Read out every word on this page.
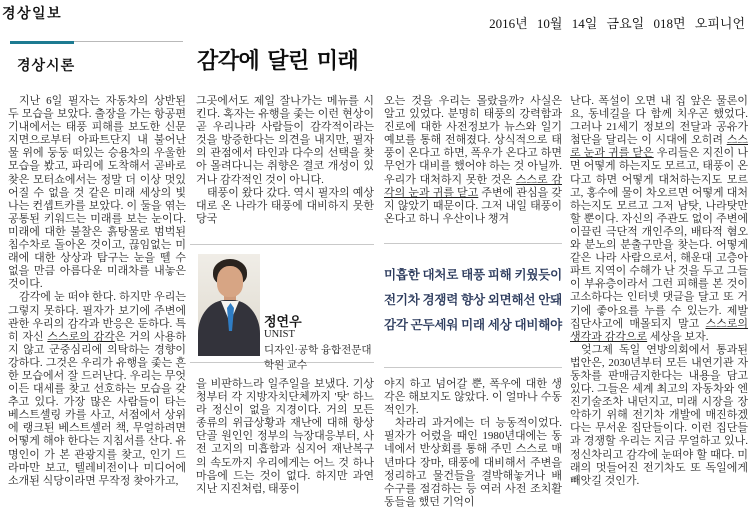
경상일보
2016년 10월 14일 금요일 018면 오피니언
경상시론	감각에 달린 미래

지난 6일 필자는 자동차의 상반된 두 모습을 보았다. 출장을 가는 항공편 기내에서는 태풍 피해를 보도한 신문지면으로부터 아파트단지 내 불어난 물 위에 둥둥 떠있는 승용차의 우울한 모습을 봤고, 파리에 도착해서 곧바로 찾은 모터쇼에서는 정말 더 이상 멋있어질 수 없을 것 같은 미래 세상의 빛나는 컨셉트카를 보았다. 이 둘을 엮는 공통된 키워드는 미래를 보는 눈이다. 미래에 대한 불찰은 흙탕물로 범벅된 침수차로 돌아온 것이고, 끊임없는 미래에 대한 상상과 탐구는 눈을 뗄 수 없을 만큼 아름다운 미래차를 내놓은 것이다.

감각에 눈 떠야 한다. 하지만 우리는 그렇지 못하다. 필자가 보기에 주변에 관한 우리의 감각과 반응은 둔하다. 특히 자신 스스로의 감각은 거의 사용하지 않고 군중심리에 의탁하는 경향이 강하다. 그것은 우리가 유행을 좇는 흔한 모습에서 잘 드러난다. 우리는 무엇이든 대세를 찾고 선호하는 모습을 갖추고 있다. 가장 많은 사람들이 타는 베스트셀링 카를 사고, 서점에서 상위에 랭크된 베스트셀러 책, 무얼하려면 어떻게 해야 한다는 지침서를 산다. 유명인이 가 본 관광지를 찾고, 인기 드라마만 보고, 텔레비전이나 미디어에 소개된 식당이라면 무작정 찾아가고,

그곳에서도 제일 잘나가는 메뉴를 시킨다. 혹자는 유행을 좇는 이런 현상이 곧 우리나라 사람들이 감각적이라는 것을 방증한다는 의견을 내지만, 필자의 관점에서 타인과 다수의 선택을 찾아 몰려다니는 취향은 결코 개성이 있거나 감각적인 것이 아니다.

태풍이 왔다 갔다. 역시 필자의 예상대로 온 나라가 태풍에 대비하지 못한 당국

정연우
UNIST
디자인·공학 융합전문대학원 교수

을 비판하느라 일주일을 보냈다. 기상청부터 각 지방자치단체까지 '탓' 하느라 정신이 없을 지경이다. 거의 모든 종류의 위급상황과 재난에 대해 항상 단골 원인인 정부의 늑장대응부터, 사전 고지의 미흡함과 심지어 재난복구의 속도까지 우리에게는 어느 것 하나 마음에 드는 것이 없다. 하지만 과연 지난 지진처럼, 태풍이

오는 것을 우리는 몰랐을까? 사실은 알고 있었다. 분명히 태풍의 강력함과 진로에 대한 사전정보가 뉴스와 일기예보를 통해 전해졌다. 상식적으로 태풍이 온다고 하면, 폭우가 온다고 하면 무언가 대비를 했어야 하는 것 아닐까. 우리가 대처하지 못한 것은 스스로 감각의 눈과 귀를 닫고 주변에 관심을 갖지 않았기 때문이다. 그저 내일 태풍이 온다고 하니 우산이나 챙겨

미흡한 대처로 태풍 피해 키웠듯이
전기차 경쟁력 향상 외면해선 안돼
감각 곤두세워 미래 세상 대비해야

야지 하고 넘어갈 뿐, 폭우에 대한 생각은 해보지도 않았다. 이 얼마나 수동적인가.

차라리 과거에는 더 능동적이었다. 필자가 어렸을 때인 1980년대에는 동네에서 반상회를 통해 주민 스스로 매년마다 장마, 태풍에 대비해서 주변을 정리하고 물건들을 결박해놓거나 배수구를 점검하는 등 여러 사전 조치활동들을 했던 기억이

난다. 폭설이 오면 내 집 앞은 물론이요, 동네길을 다 함께 치우곤 했었다. 그러나 21세기 정보의 전달과 공유가 첨단을 달리는 이 시대에 오히려 스스로 눈과 귀를 닫은 우리들은 지진이 나면 어떻게 하는지도 모르고, 태풍이 온다고 하면 어떻게 대처하는지도 모르고, 홍수에 물이 차오르면 어떻게 대처하는지도 모르고 그저 남탓, 나라탓만 할 뿐이다. 자신의 주관도 없이 주변에 이끌린 극단적 개인주의, 배타적 혐오와 분노의 분출구만을 찾는다. 어떻게 같은 나라 사람으로서, 해운대 고층아파트 지역이 수해가 난 것을 두고 그들이 부유층이라서 그런 피해를 본 것이 고소하다는 인터넷 댓글을 달고 또 거기에 좋아요를 누를 수 있는가. 제발 집단사고에 매몰되지 말고 스스로의 생각과 감각으로 세상을 보자.

엊그제 독일 연방의회에서 통과된 법안은, 2030년부터 모든 내연기관 자동차를 판매금지한다는 내용을 담고 있다. 그들은 세계 최고의 자동차와 엔진기술조차 내던지고, 미래 시장을 장악하기 위해 전기차 개발에 매진하겠다는 무서운 집단들이다. 이런 집단들과 경쟁할 우리는 지금 무얼하고 있나. 정신차리고 감각에 눈떠야 할 때다. 미래의 멋들어진 전기차도 또 독일에게 빼앗길 것인가.
